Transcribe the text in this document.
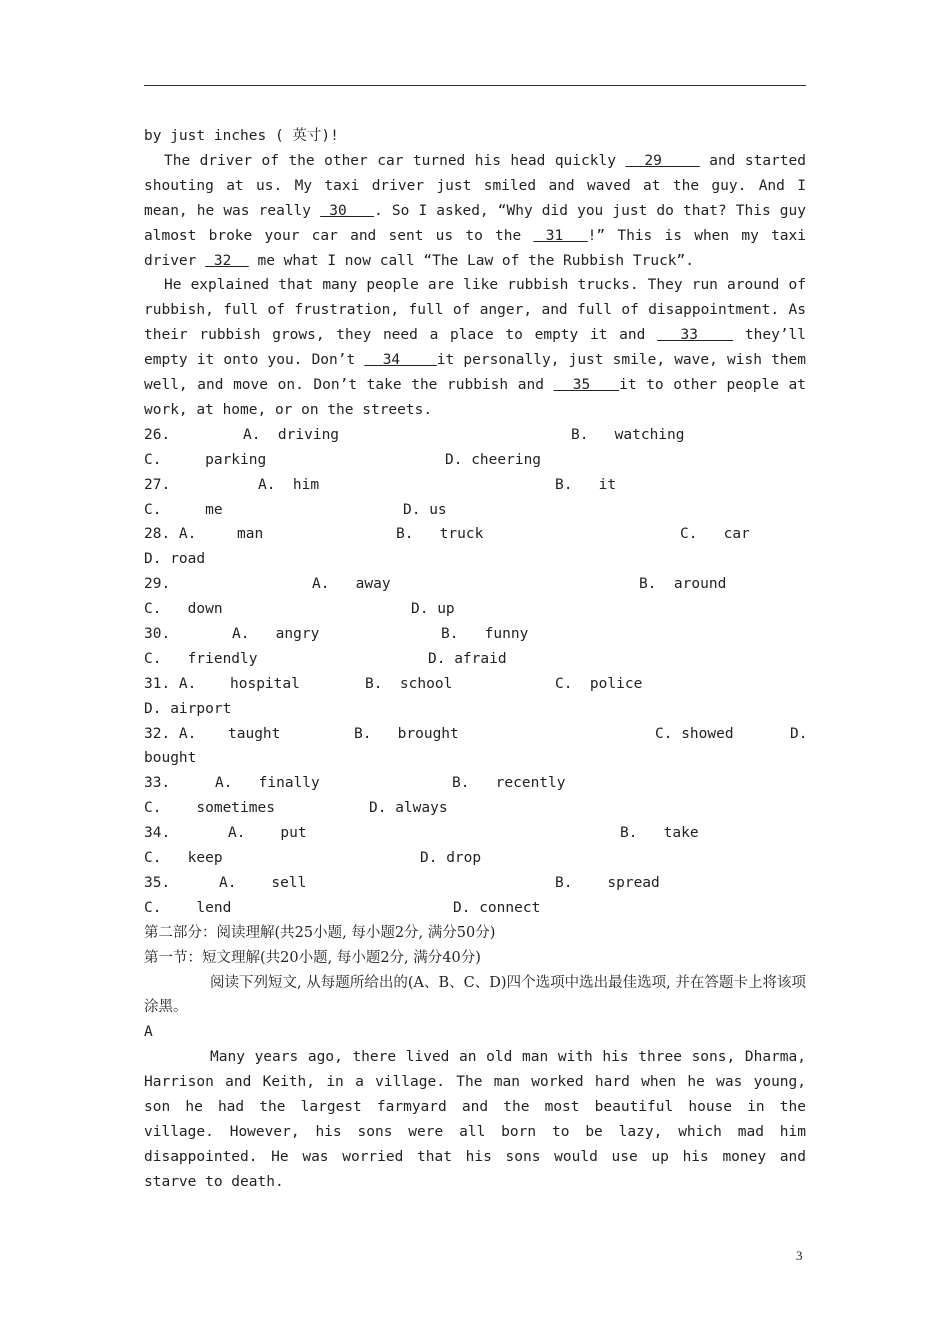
by just inches ( 英寸)!
The driver of the other car turned his head quickly   29     and started shouting at us. My taxi driver just smiled and waved at the guy. And I mean, he was really  30   . So I asked, “Why did you just do that? This guy almost broke your car and sent us to the  31  !” This is when my taxi driver  32   me what I now call “The Law of the Rubbish Truck”.
He explained that many people are like rubbish trucks. They run around of rubbish, full of frustration, full of anger, and full of disappointment. As their rubbish grows, they need a place to empty it and   33    they’ll empty it onto you. Don’t   34    it personally, just smile, wave, wish them well, and move on. Don’t take the rubbish and   35   it to other people at work, at home, or on the streets.
26.	A.  driving	B.   watching
C.     parking	D. cheering
27.	A.  him	B.   it
C.     me	D. us
28. A.	man	B.   truck	C.   car
D. road
29.	A.   away	B.  around
C.   down	D. up
30.	A.   angry	B.   funny
C.   friendly	D. afraid
31. A. hospital	B.  school	C.  police
D. airport
32. A. taught	B.   brought	C. showed	D.
bought
33.	A.   finally	B.   recently
C.    sometimes	D. always
34.	A.    put	B.   take
C.   keep	D. drop
35.	A.    sell	B.    spread
C.    lend	D. connect
第二部分：阅读理解(共25小题, 每小题2分, 满分50分)
第一节：短文理解(共20小题, 每小题2分, 满分40分)
阅读下列短文, 从每题所给出的(A、B、C、D)四个选项中选出最佳选项, 并在答题卡上将该项涂黑。
A
Many years ago, there lived an old man with his three sons, Dharma, Harrison and Keith, in a village. The man worked hard when he was young, son he had the largest farmyard and the most beautiful house in the village. However, his sons were all born to be lazy, which mad him disappointed. He was worried that his sons would use up his money and starve to death.
3
